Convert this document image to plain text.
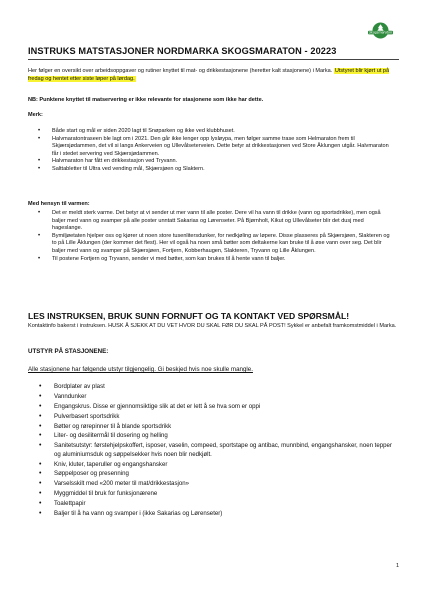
Skogsmaraton
INSTRUKS MATSTASJONER NORDMARKA SKOGSMARATON - 20223
Her følger en oversikt over arbeidsoppgaver og rutiner knyttet til mat- og drikkestasjonene (heretter kalt stasjonene) i Marka. Utstyret blir kjørt ut på fredag og hentet etter siste løper på lørdag.
NB: Punktene knyttet til matservering er ikke relevante for stasjonene som ikke har dette.
Merk:
• Både start og mål er siden 2020 lagt til Snøparken og ikke ved klubbhuset.
• Halvmaratontraseen ble lagt om i 2021. Den går ikke lenger opp lysløypa, men følger samme trase som Helmaraton frem til Skjærsjødammen, det vil si langs Ankerveien og Ullevålseterveien. Dette betyr at drikkestasjonen ved Store Åklungen utgår. Halvmaraton får i stedet servering ved Skjærsjødammen.
• Halvmaraton har fått en drikkestasjon ved Tryvann.
• Salttabletter til Ultra ved vending mål, Skjærsjøen og Slaktern.
Med hensyn til varmen:
• Det er meldt sterk varme. Det betyr at vi sender ut mer vann til alle poster. Dere vil ha vann til drikke (vann og sportsdrikke), men også baljer med vann og svamper på alle poster unntatt Sakarias og Lørenseter. På Bjørnholt, Kikut og Ullevålseter blir det dusj med hageslange.
• Bymiljøetaten hjelper oss og kjører ut noen store tusenlitersdunker, for nedkjøling av løpere. Disse plasseres på Skjærsjøen, Slakteren og to på Lille Åklungen (der kommer det flest). Her vil også ha noen små bøtter som deltakerne kan bruke til å øse vann over seg. Det blir baljer med vann og svamper på Skjærsjøen, Fortjern, Kobberhaugen, Slakteren, Tryvann og Lille Åklungen.
• Til postene Fortjern og Tryvann, sender vi med bøtter, som kan brukes til å hente vann til baljer.
LES INSTRUKSEN, BRUK SUNN FORNUFT OG TA KONTAKT VED SPØRSMÅL!
Kontaktinfo bakerst i instruksen. HUSK Å SJEKK AT DU VET HVOR DU SKAL FØR DU SKAL PÅ POST! Sykkel er anbefalt framkomstmiddel i Marka.
UTSTYR PÅ STASJONENE:
Alle stasjonene har følgende utstyr tilgjengelig. Gi beskjed hvis noe skulle mangle.
• Bordplater av plast
• Vanndunker
• Engangskrus. Disse er gjennomsiktige slik at det er lett å se hva som er oppi
• Pulverbasert sportsdrikk
• Bøtter og rørepinner til å blande sportsdrikk
• Liter- og desilitermål til dosering og helling
• Sanitetsutstyr: førstehjelpskoffert, isposer, vaselin, compeed, sportstape og antibac, munnbind, engangshansker, noen tepper og aluminiumsduk og søppelsekker hvis noen blir nedkjølt.
• Kniv, kluter, taperuller og engangshansker
• Søppelposer og presenning
• Varselsskilt med «200 meter til mat/drikkestasjon»
• Myggmiddel til bruk for funksjonærene
• Toalettpapir
• Baljer til å ha vann og svamper i (ikke Sakarias og Lørenseter)
1
